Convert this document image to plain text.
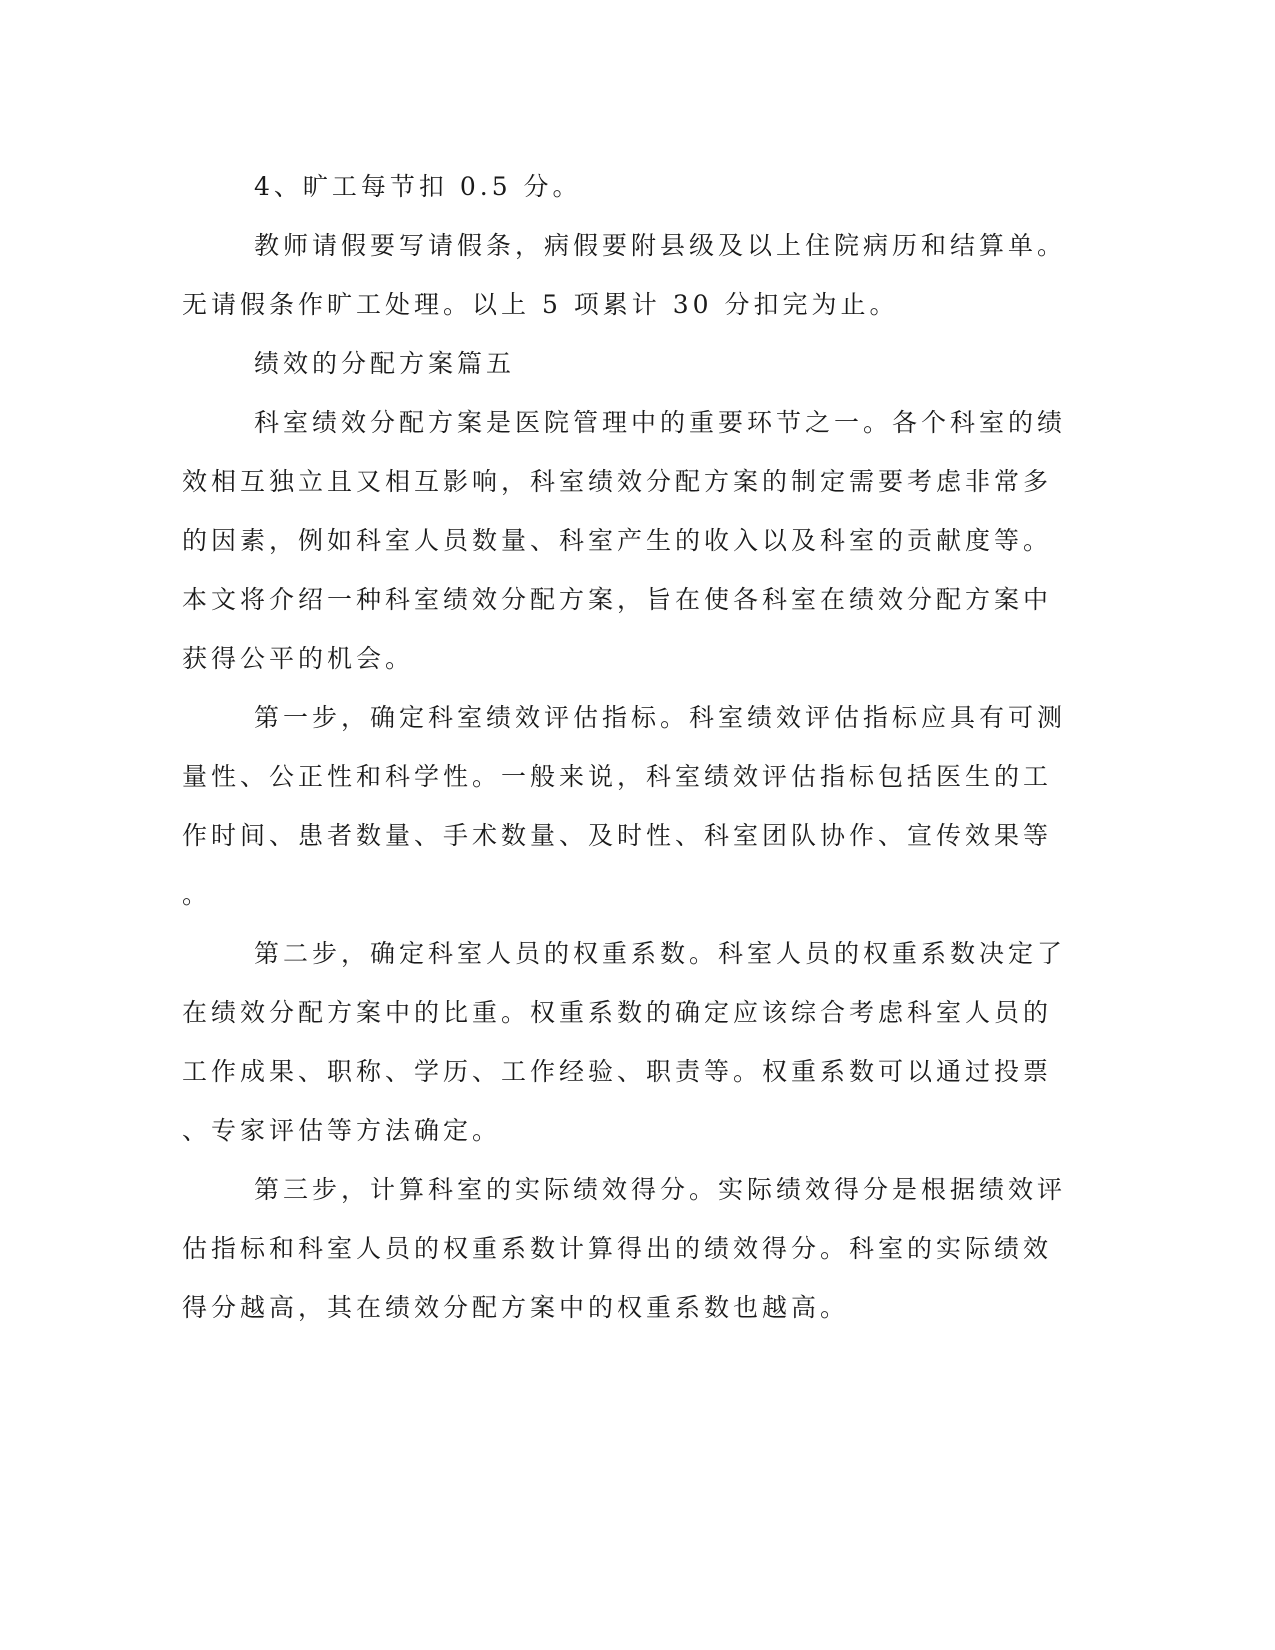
4、旷工每节扣 0.5 分。
教师请假要写请假条，病假要附县级及以上住院病历和结算单。
无请假条作旷工处理。以上 5 项累计 30 分扣完为止。
绩效的分配方案篇五
科室绩效分配方案是医院管理中的重要环节之一。各个科室的绩
效相互独立且又相互影响，科室绩效分配方案的制定需要考虑非常多
的因素，例如科室人员数量、科室产生的收入以及科室的贡献度等。
本文将介绍一种科室绩效分配方案，旨在使各科室在绩效分配方案中
获得公平的机会。
第一步，确定科室绩效评估指标。科室绩效评估指标应具有可测
量性、公正性和科学性。一般来说，科室绩效评估指标包括医生的工
作时间、患者数量、手术数量、及时性、科室团队协作、宣传效果等
。
第二步，确定科室人员的权重系数。科室人员的权重系数决定了
在绩效分配方案中的比重。权重系数的确定应该综合考虑科室人员的
工作成果、职称、学历、工作经验、职责等。权重系数可以通过投票
、专家评估等方法确定。
第三步，计算科室的实际绩效得分。实际绩效得分是根据绩效评
估指标和科室人员的权重系数计算得出的绩效得分。科室的实际绩效
得分越高，其在绩效分配方案中的权重系数也越高。
